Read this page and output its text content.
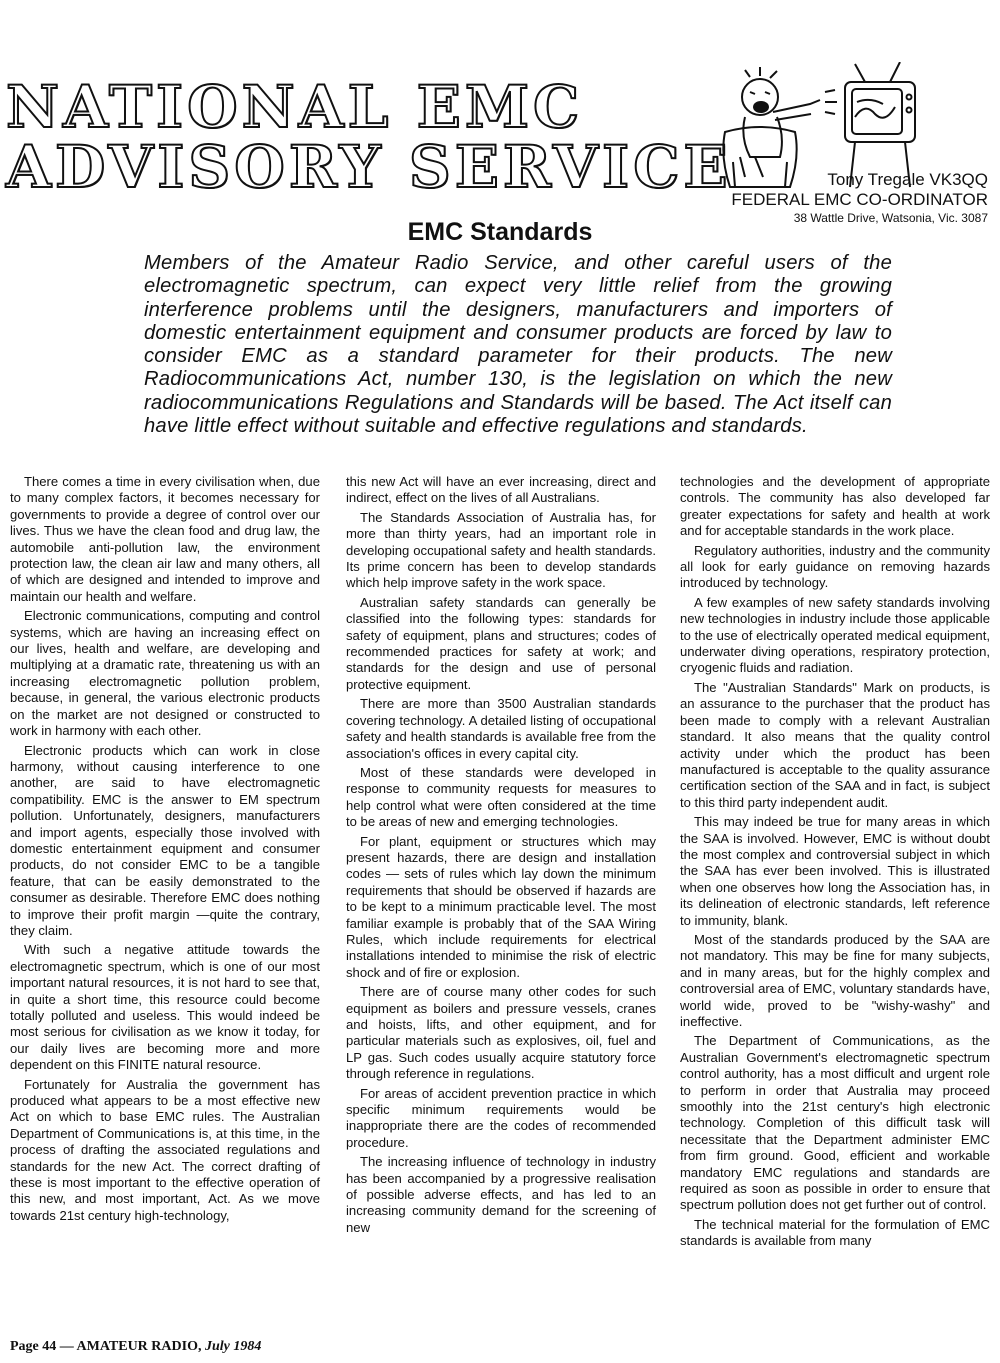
NATIONAL EMC
ADVISORY SERVICE	Tony Tregale VK3QQ
FEDERAL EMC CO-ORDINATOR
38 Wattle Drive, Watsonia, Vic. 3087
EMC Standards
Members of the Amateur Radio Service, and other careful users of the electromagnetic spectrum, can expect very little relief from the growing interference problems until the designers, manufacturers and importers of domestic entertainment equipment and consumer products are forced by law to consider EMC as a standard parameter for their products. The new Radiocommunications Act, number 130, is the legislation on which the new radiocommunications Regulations and Standards will be based. The Act itself can have little effect without suitable and effective regulations and standards.

There comes a time in every civilisation when, due to many complex factors, it becomes necessary for governments to provide a degree of control over our lives. Thus we have the clean food and drug law, the automobile anti-pollution law, the environment protection law, the clean air law and many others, all of which are designed and intended to improve and maintain our health and welfare.

Electronic communications, computing and control systems, which are having an increasing effect on our lives, health and welfare, are developing and multiplying at a dramatic rate, threatening us with an increasing electromagnetic pollution problem, because, in general, the various electronic products on the market are not designed or constructed to work in harmony with each other.

Electronic products which can work in close harmony, without causing interference to one another, are said to have electromagnetic compatibility. EMC is the answer to EM spectrum pollution. Unfortunately, designers, manufacturers and import agents, especially those involved with domestic entertainment equipment and consumer products, do not consider EMC to be a tangible feature, that can be easily demonstrated to the consumer as desirable. Therefore EMC does nothing to improve their profit margin —quite the contrary, they claim.

With such a negative attitude towards the electromagnetic spectrum, which is one of our most important natural resources, it is not hard to see that, in quite a short time, this resource could become totally polluted and useless. This would indeed be most serious for civilisation as we know it today, for our daily lives are becoming more and more dependent on this FINITE natural resource.

Fortunately for Australia the government has produced what appears to be a most effective new Act on which to base EMC rules. The Australian Department of Communications is, at this time, in the process of drafting the associated regulations and standards for the new Act. The correct drafting of these is most important to the effective operation of this new, and most important, Act. As we move towards 21st century high-technology,

this new Act will have an ever increasing, direct and indirect, effect on the lives of all Australians.

The Standards Association of Australia has, for more than thirty years, had an important role in developing occupational safety and health standards. Its prime concern has been to develop standards which help improve safety in the work space.

Australian safety standards can generally be classified into the following types: standards for safety of equipment, plans and structures; codes of recommended practices for safety at work; and standards for the design and use of personal protective equipment.

There are more than 3500 Australian standards covering technology. A detailed listing of occupational safety and health standards is available free from the association's offices in every capital city.

Most of these standards were developed in response to community requests for measures to help control what were often considered at the time to be areas of new and emerging technologies.

For plant, equipment or structures which may present hazards, there are design and installation codes — sets of rules which lay down the minimum requirements that should be observed if hazards are to be kept to a minimum practicable level. The most familiar example is probably that of the SAA Wiring Rules, which include requirements for electrical installations intended to minimise the risk of electric shock and of fire or explosion.

There are of course many other codes for such equipment as boilers and pressure vessels, cranes and hoists, lifts, and other equipment, and for particular materials such as explosives, oil, fuel and LP gas. Such codes usually acquire statutory force through reference in regulations.

For areas of accident prevention practice in which specific minimum requirements would be inappropriate there are the codes of recommended procedure.

The increasing influence of technology in industry has been accompanied by a progressive realisation of possible adverse effects, and has led to an increasing community demand for the screening of new

technologies and the development of appropriate controls. The community has also developed far greater expectations for safety and health at work and for acceptable standards in the work place.

Regulatory authorities, industry and the community all look for early guidance on removing hazards introduced by technology.

A few examples of new safety standards involving new technologies in industry include those applicable to the use of electrically operated medical equipment, underwater diving operations, respiratory protection, cryogenic fluids and radiation.

The "Australian Standards" Mark on products, is an assurance to the purchaser that the product has been made to comply with a relevant Australian standard. It also means that the quality control activity under which the product has been manufactured is acceptable to the quality assurance certification section of the SAA and in fact, is subject to this third party independent audit.

This may indeed be true for many areas in which the SAA is involved. However, EMC is without doubt the most complex and controversial subject in which the SAA has ever been involved. This is illustrated when one observes how long the Association has, in its delineation of electronic standards, left reference to immunity, blank.

Most of the standards produced by the SAA are not mandatory. This may be fine for many subjects, and in many areas, but for the highly complex and controversial area of EMC, voluntary standards have, world wide, proved to be "wishy-washy" and ineffective.

The Department of Communications, as the Australian Government's electromagnetic spectrum control authority, has a most difficult and urgent role to perform in order that Australia may proceed smoothly into the 21st century's high electronic technology. Completion of this difficult task will necessitate that the Department administer EMC from firm ground. Good, efficient and workable mandatory EMC regulations and standards are required as soon as possible in order to ensure that spectrum pollution does not get further out of control.

The technical material for the formulation of EMC standards is available from many

Page 44 — AMATEUR RADIO, July 1984
